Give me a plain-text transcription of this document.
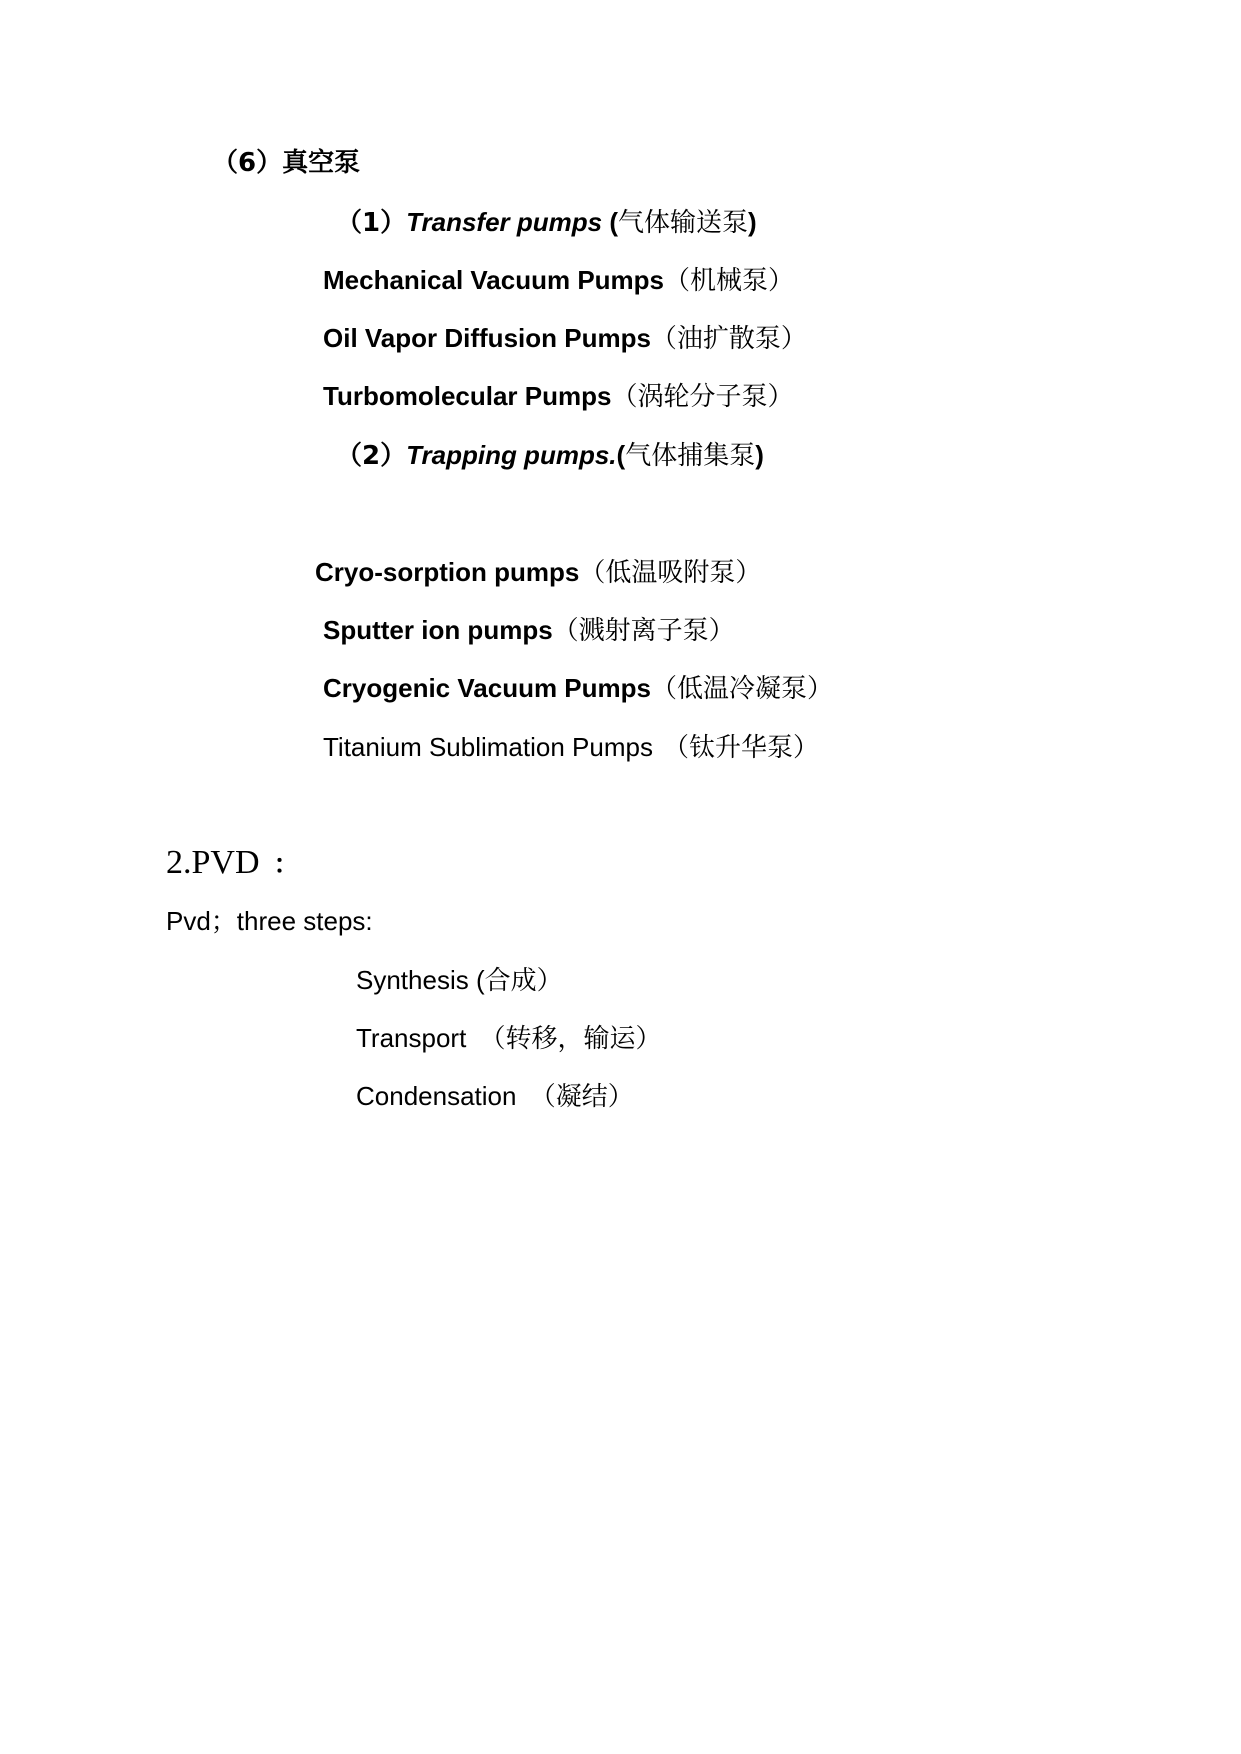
（6）真空泵
（1）Transfer pumps (气体输送泵)
Mechanical Vacuum Pumps（机械泵）
Oil Vapor Diffusion Pumps（油扩散泵）
Turbomolecular Pumps（涡轮分子泵）
（2）Trapping pumps.(气体捕集泵)
Cryo-sorption pumps（低温吸附泵）
Sputter ion pumps（溅射离子泵）
Cryogenic Vacuum Pumps（低温冷凝泵）
Titanium Sublimation Pumps （钛升华泵）
2.PVD ：
Pvd；three steps:
Synthesis (合成）
Transport （转移，输运）
Condensation （凝结）
